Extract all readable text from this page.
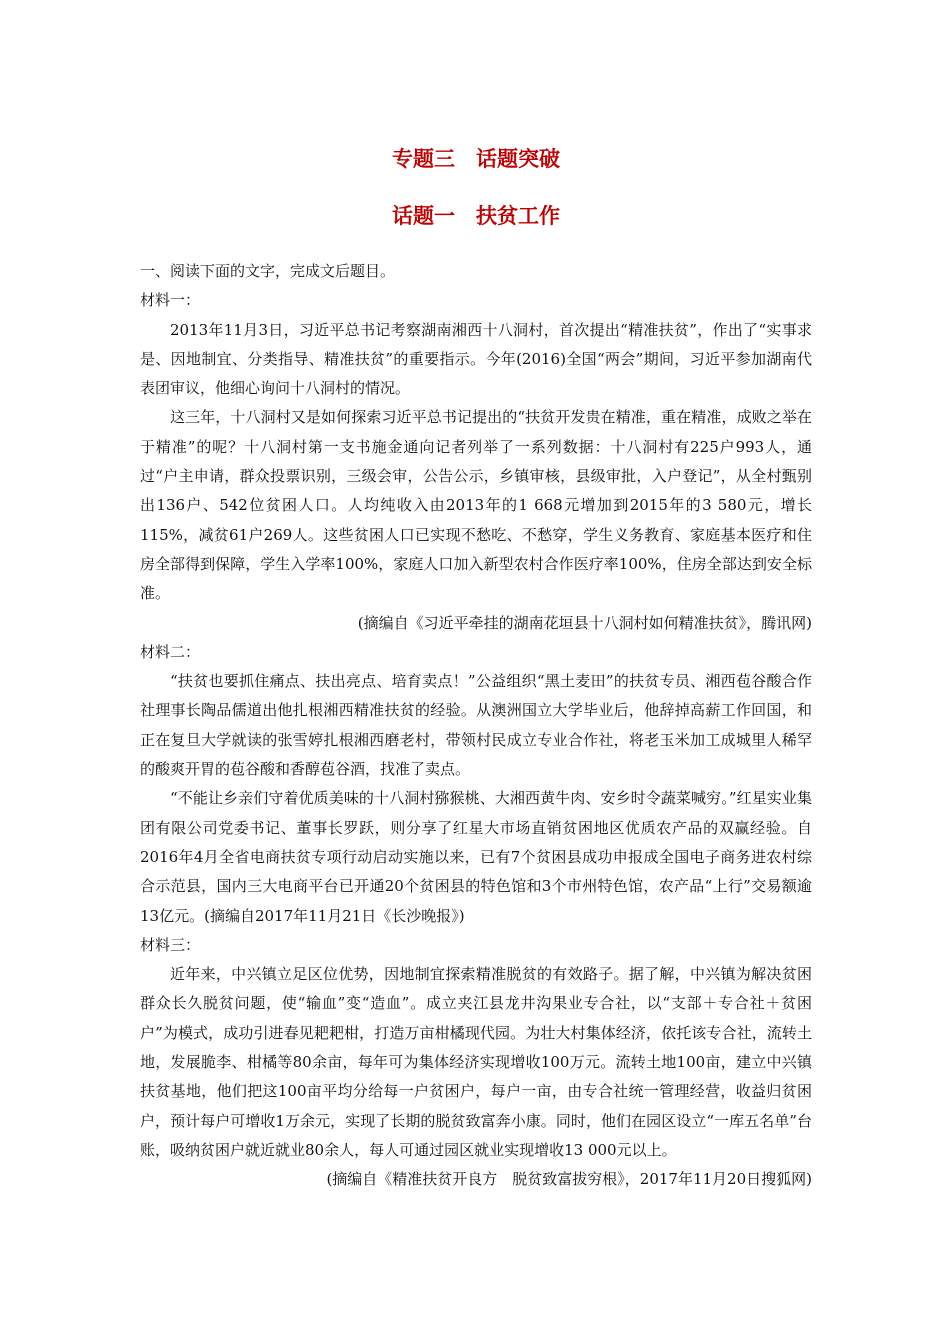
专题三　话题突破
话题一　扶贫工作

一、阅读下面的文字，完成文后题目。

材料一：

2013年11月3日，习近平总书记考察湖南湘西十八洞村，首次提出“精准扶贫”，作出了“实事求是、因地制宜、分类指导、精准扶贫”的重要指示。今年(2016)全国“两会”期间，习近平参加湖南代表团审议，他细心询问十八洞村的情况。

这三年，十八洞村又是如何探索习近平总书记提出的“扶贫开发贵在精准，重在精准，成败之举在于精准”的呢？十八洞村第一支书施金通向记者列举了一系列数据：十八洞村有225户993人，通过“户主申请，群众投票识别，三级会审，公告公示，乡镇审核，县级审批，入户登记”，从全村甄别出136户、542位贫困人口。人均纯收入由2013年的1 668元增加到2015年的3 580元，增长115%，减贫61户269人。这些贫困人口已实现不愁吃、不愁穿，学生义务教育、家庭基本医疗和住房全部得到保障，学生入学率100%，家庭人口加入新型农村合作医疗率100%，住房全部达到安全标准。

(摘编自《习近平牵挂的湖南花垣县十八洞村如何精准扶贫》，腾讯网)

材料二：

“扶贫也要抓住痛点、扶出亮点、培育卖点！”公益组织“黑土麦田”的扶贫专员、湘西苞谷酸合作社理事长陶品儒道出他扎根湘西精准扶贫的经验。从澳洲国立大学毕业后，他辞掉高薪工作回国，和正在复旦大学就读的张雪婷扎根湘西磨老村，带领村民成立专业合作社，将老玉米加工成城里人稀罕的酸爽开胃的苞谷酸和香醇苞谷酒，找准了卖点。

“不能让乡亲们守着优质美味的十八洞村猕猴桃、大湘西黄牛肉、安乡时令蔬菜喊穷。”红星实业集团有限公司党委书记、董事长罗跃，则分享了红星大市场直销贫困地区优质农产品的双赢经验。自2016年4月全省电商扶贫专项行动启动实施以来，已有7个贫困县成功申报成全国电子商务进农村综合示范县，国内三大电商平台已开通20个贫困县的特色馆和3个市州特色馆，农产品“上行”交易额逾13亿元。(摘编自2017年11月21日《长沙晚报》)

材料三：

近年来，中兴镇立足区位优势，因地制宜探索精准脱贫的有效路子。据了解，中兴镇为解决贫困群众长久脱贫问题，使“输血”变“造血”。成立夹江县龙井沟果业专合社，以“支部＋专合社＋贫困户”为模式，成功引进春见耙耙柑，打造万亩柑橘现代园。为壮大村集体经济，依托该专合社，流转土地，发展脆李、柑橘等80余亩，每年可为集体经济实现增收100万元。流转土地100亩，建立中兴镇扶贫基地，他们把这100亩平均分给每一户贫困户，每户一亩，由专合社统一管理经营，收益归贫困户，预计每户可增收1万余元，实现了长期的脱贫致富奔小康。同时，他们在园区设立“一库五名单”台账，吸纳贫困户就近就业80余人，每人可通过园区就业实现增收13 000元以上。

(摘编自《精准扶贫开良方　脱贫致富拔穷根》，2017年11月20日搜狐网)
